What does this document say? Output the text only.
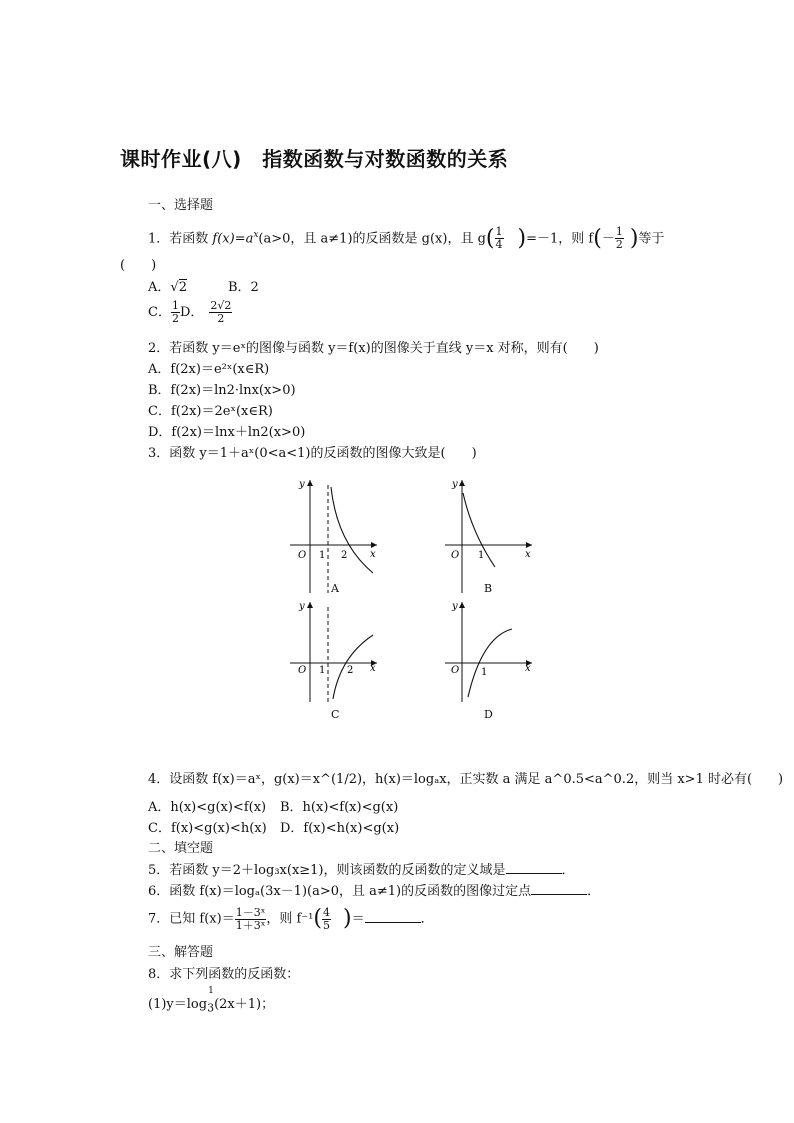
课时作业(八)　指数函数与对数函数的关系
一、选择题
1．若函数 $f(x)=a^x(a>0$，且 a≠1)的反函数是 g(x)，且 $g( \frac{1}{4} )=-1$，则 $f(- \frac{1}{2}$ )等于
(　　)
A．√2	B．2
C． $\frac{1}{2}$ D． $\frac{2√2}{2}$
2．若函数 y＝eˣ的图像与函数 y＝f(x)的图像关于直线 y＝x 对称，则有(　　)
A．f(2x)＝e²ˣ(x∈R)
B．f(2x)＝ln2·lnx(x>0)
C．f(2x)＝2eˣ(x∈R)
D．f(2x)＝lnx＋ln2(x>0)
3．函数 y＝1＋aˣ(0<a<1)的反函数的图像大致是(　　)
y
x
O 1 2
A
y
x
O 1
B
y
x
O 1 2
C
y
x
O 1
D
4．设函数 f(x)＝aˣ，g(x)＝x^(1/2)，h(x)＝logₐx，正实数 a 满足 a^0.5<a^0.2，则当 x>1 时必有(　　)
A．h(x)<g(x)<f(x) B．h(x)<f(x)<g(x)
C．f(x)<g(x)<h(x) D．f(x)<h(x)<g(x)
二、填空题
5．若函数 y＝2＋log₃x(x≥1)，则该函数的反函数的定义域是	．
6．函数 f(x)＝logₐ(3x－1)(a>0，且 a≠1)的反函数的图像过定点	．
7．已知 $f(x)= \frac{\text{1－3ˣ}}{\text{1＋3ˣ}}$ ，则 $f^{-1}( \frac{4}{5}$ )＝	．
三、解答题
8．求下列函数的反函数：
(1)y＝log
1
$_3$(2x＋1)；
